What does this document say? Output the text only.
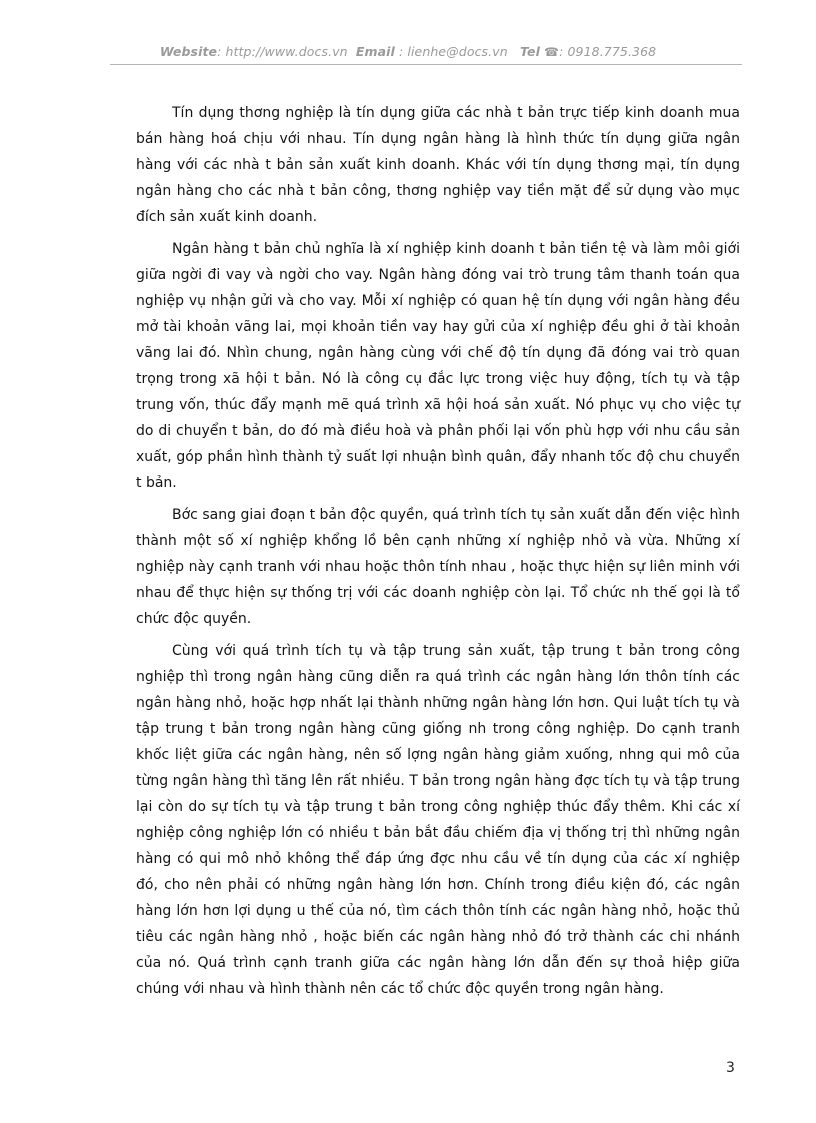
Website: http://www.docs.vn Email : lienhe@docs.vn Tel ☎: 0918.775.368

Tín dụng thơng nghiệp là tín dụng giữa các nhà t bản trực tiếp kinh doanh mua bán hàng hoá chịu với nhau. Tín dụng ngân hàng là hình thức tín dụng giữa ngân hàng với các nhà t bản sản xuất kinh doanh. Khác với tín dụng thơng mại, tín dụng ngân hàng cho các nhà t bản công, thơng nghiệp vay tiền mặt để sử dụng vào mục đích sản xuất kinh doanh.

Ngân hàng t bản chủ nghĩa là xí nghiệp kinh doanh t bản tiền tệ và làm môi giới giữa ngời đi vay và ngời cho vay. Ngân hàng đóng vai trò trung tâm thanh toán qua nghiệp vụ nhận gửi và cho vay. Mỗi xí nghiệp có quan hệ tín dụng với ngân hàng đều mở tài khoản vãng lai, mọi khoản tiền vay hay gửi của xí nghiệp đều ghi ở tài khoản vãng lai đó. Nhìn chung, ngân hàng cùng với chế độ tín dụng đã đóng vai trò quan trọng trong xã hội t bản. Nó là công cụ đắc lực trong việc huy động, tích tụ và tập trung vốn, thúc đẩy mạnh mẽ quá trình xã hội hoá sản xuất. Nó phục vụ cho việc tự do di chuyển t bản, do đó mà điều hoà và phân phối lại vốn phù hợp với nhu cầu sản xuất, góp phần hình thành tỷ suất lợi nhuận bình quân, đẩy nhanh tốc độ chu chuyển t bản.

Bớc sang giai đoạn t bản độc quyền, quá trình tích tụ sản xuất dẫn đến việc hình thành một số xí nghiệp khổng lồ bên cạnh những xí nghiệp nhỏ và vừa. Những xí nghiệp này cạnh tranh với nhau hoặc thôn tính nhau , hoặc thực hiện sự liên minh với nhau để thực hiện sự thống trị với các doanh nghiệp còn lại. Tổ chức nh thế gọi là tổ chức độc quyền.

Cùng với quá trình tích tụ và tập trung sản xuất, tập trung t bản trong công nghiệp thì trong ngân hàng cũng diễn ra quá trình các ngân hàng lớn thôn tính các ngân hàng nhỏ, hoặc hợp nhất lại thành những ngân hàng lớn hơn. Qui luật tích tụ và tập trung t bản trong ngân hàng cũng giống nh trong công nghiệp. Do cạnh tranh khốc liệt giữa các ngân hàng, nên số lợng ngân hàng giảm xuống, nhng qui mô của từng ngân hàng thì tăng lên rất nhiều. T bản trong ngân hàng đợc tích tụ và tập trung lại còn do sự tích tụ và tập trung t bản trong công nghiệp thúc đẩy thêm. Khi các xí nghiệp công nghiệp lớn có nhiều t bản bắt đầu chiếm địa vị thống trị thì những ngân hàng có qui mô nhỏ không thể đáp ứng đợc nhu cầu về tín dụng của các xí nghiệp đó, cho nên phải có những ngân hàng lớn hơn. Chính trong điều kiện đó, các ngân hàng lớn hơn lợi dụng u thế của nó, tìm cách thôn tính các ngân hàng nhỏ, hoặc thủ tiêu các ngân hàng nhỏ , hoặc biến các ngân hàng nhỏ đó trở thành các chi nhánh của nó. Quá trình cạnh tranh giữa các ngân hàng lớn dẫn đến sự thoả hiệp giữa chúng với nhau và hình thành nên các tổ chức độc quyền trong ngân hàng.

3
